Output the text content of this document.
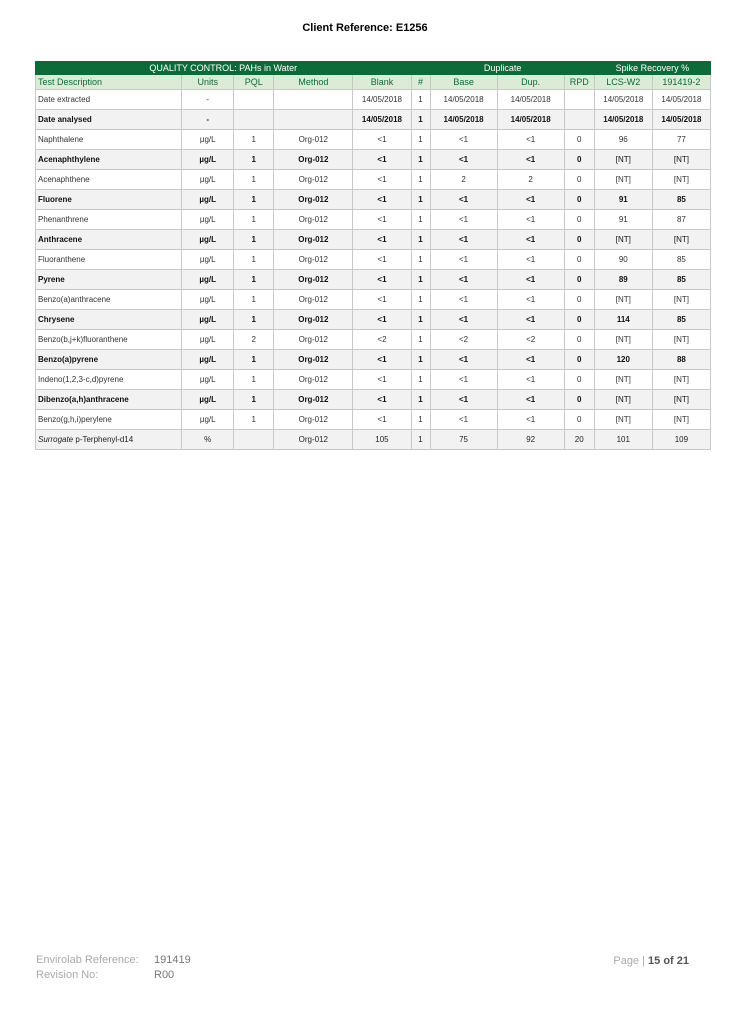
Client Reference: E1256
QUALITY CONTROL: PAHs in Water					Duplicate				Spike Recovery %	
Test Description	Units	PQL	Method	Blank	#	Base	Dup.	RPD	LCS-W2	191419-2
Date extracted	-			14/05/2018	1	14/05/2018	14/05/2018		14/05/2018	14/05/2018
Date analysed	-			14/05/2018	1	14/05/2018	14/05/2018		14/05/2018	14/05/2018
Naphthalene	µg/L	1	Org-012	<1	1	<1	<1	0	96	77
Acenaphthylene	µg/L	1	Org-012	<1	1	<1	<1	0	[NT]	[NT]
Acenaphthene	µg/L	1	Org-012	<1	1	2	2	0	[NT]	[NT]
Fluorene	µg/L	1	Org-012	<1	1	<1	<1	0	91	85
Phenanthrene	µg/L	1	Org-012	<1	1	<1	<1	0	91	87
Anthracene	µg/L	1	Org-012	<1	1	<1	<1	0	[NT]	[NT]
Fluoranthene	µg/L	1	Org-012	<1	1	<1	<1	0	90	85
Pyrene	µg/L	1	Org-012	<1	1	<1	<1	0	89	85
Benzo(a)anthracene	µg/L	1	Org-012	<1	1	<1	<1	0	[NT]	[NT]
Chrysene	µg/L	1	Org-012	<1	1	<1	<1	0	114	85
Benzo(b,j+k)fluoranthene	µg/L	2	Org-012	<2	1	<2	<2	0	[NT]	[NT]
Benzo(a)pyrene	µg/L	1	Org-012	<1	1	<1	<1	0	120	88
Indeno(1,2,3-c,d)pyrene	µg/L	1	Org-012	<1	1	<1	<1	0	[NT]	[NT]
Dibenzo(a,h)anthracene	µg/L	1	Org-012	<1	1	<1	<1	0	[NT]	[NT]
Benzo(g,h,i)perylene	µg/L	1	Org-012	<1	1	<1	<1	0	[NT]	[NT]
Surrogate p-Terphenyl-d14	%		Org-012	105	1	75	92	20	101	109
Envirolab Reference: 191419
Revision No:	R00
Page | 15 of 21
